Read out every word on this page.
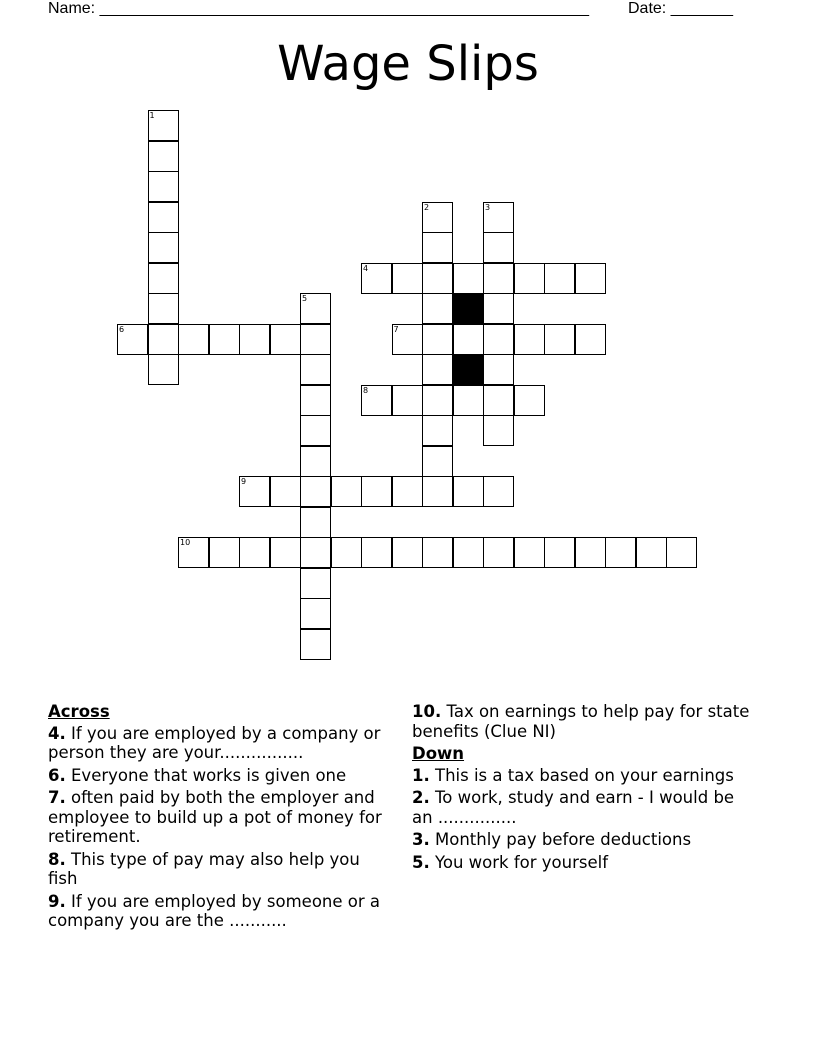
Name: _______________________________________________________ Date: _______
Wage Slips
1
2	3
4
5
6	7
8
9
10
Across
4. If you are employed by a company or person they are your................
6. Everyone that works is given one
7. often paid by both the employer and employee to build up a pot of money for retirement.
8. This type of pay may also help you fish
9. If you are employed by someone or a company you are the ...........
10. Tax on earnings to help pay for state benefits (Clue NI)
Down
1. This is a tax based on your earnings
2. To work, study and earn - I would be an ...............
3. Monthly pay before deductions
5. You work for yourself
